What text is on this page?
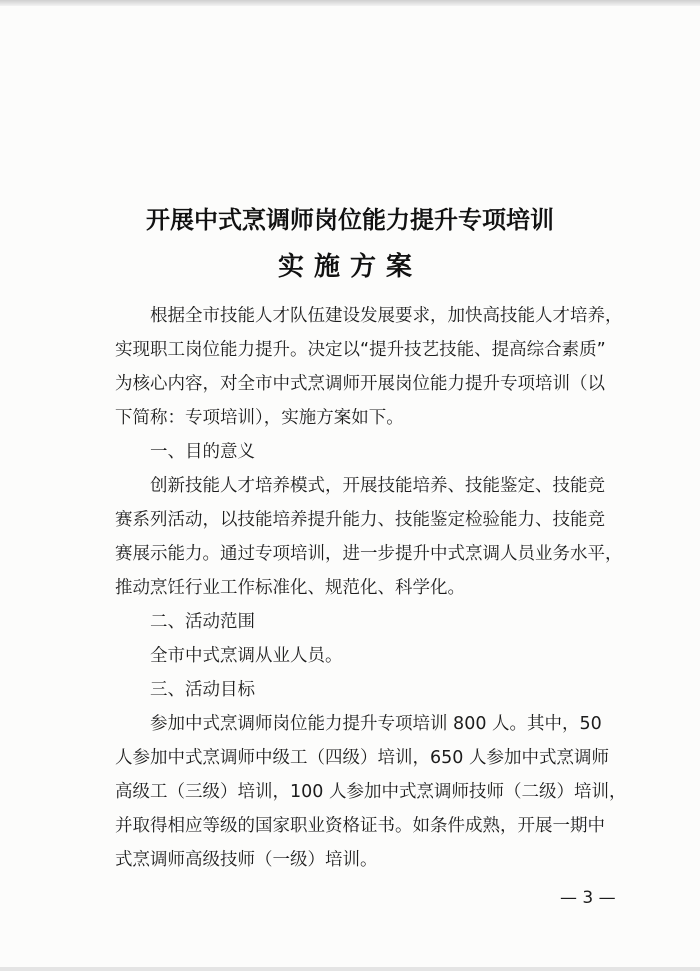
开展中式烹调师岗位能力提升专项培训
实施方案
　　根据全市技能人才队伍建设发展要求，加快高技能人才培养，
实现职工岗位能力提升。决定以“提升技艺技能、提高综合素质”
为核心内容，对全市中式烹调师开展岗位能力提升专项培训（以
下简称：专项培训），实施方案如下。
　　一、目的意义
　　创新技能人才培养模式，开展技能培养、技能鉴定、技能竞
赛系列活动，以技能培养提升能力、技能鉴定检验能力、技能竞
赛展示能力。通过专项培训，进一步提升中式烹调人员业务水平，
推动烹饪行业工作标准化、规范化、科学化。
　　二、活动范围
　　全市中式烹调从业人员。
　　三、活动目标
　　参加中式烹调师岗位能力提升专项培训 800 人。其中，50
人参加中式烹调师中级工（四级）培训，650 人参加中式烹调师
高级工（三级）培训，100 人参加中式烹调师技师（二级）培训，
并取得相应等级的国家职业资格证书。如条件成熟，开展一期中
式烹调师高级技师（一级）培训。
— 3 —
